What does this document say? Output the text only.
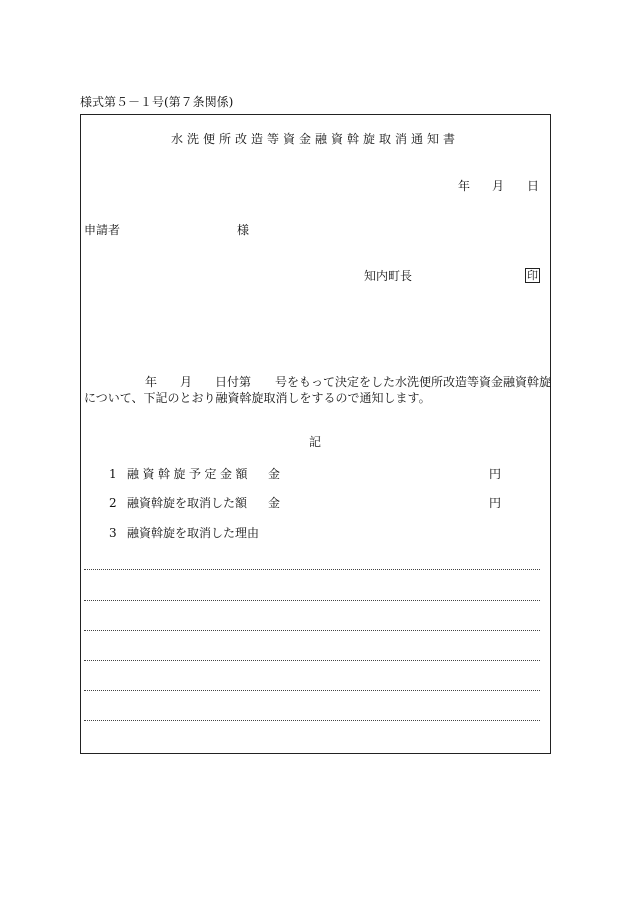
様式第５－１号(第７条関係)
水洗便所改造等資金融資斡旋取消通知書
年 月 日
申請者	様
知内町長	印
年 月 日付第 号をもって決定をした水洗便所改造等資金融資斡旋
について、下記のとおり融資斡旋取消しをするので通知します。
記
1 融資斡旋予定金額 金	円
2 融資斡旋を取消した額 金	円
3 融資斡旋を取消した理由
